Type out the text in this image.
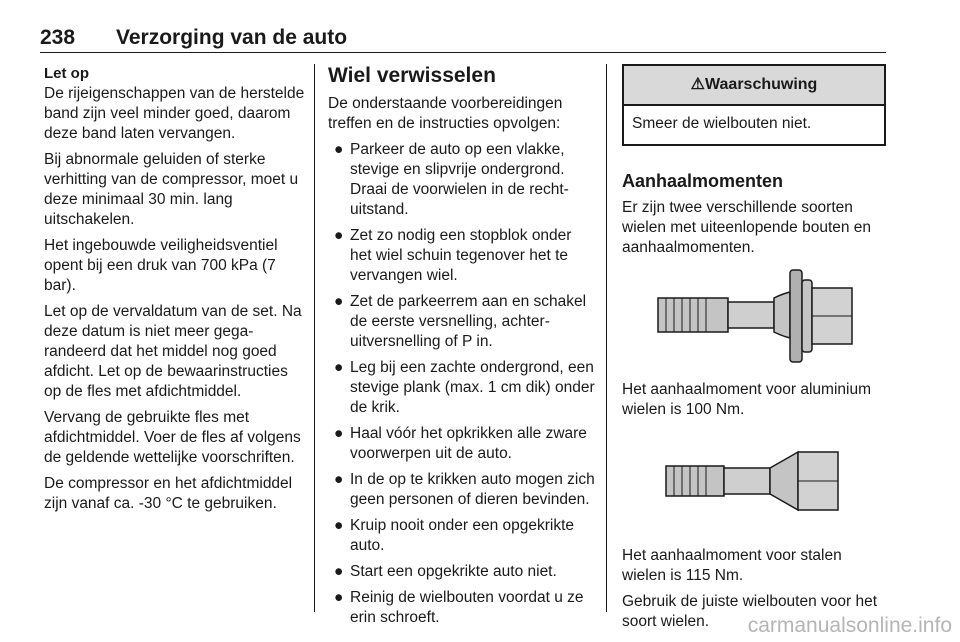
238 Verzorging van de auto
Let op

De rijeigenschappen van de herstelde band zijn veel minder goed, daarom deze band laten vervangen.

Bij abnormale geluiden of sterke verhitting van de compressor, moet u deze minimaal 30 min. lang uitschakelen.

Het ingebouwde veiligheidsventiel opent bij een druk van 700 kPa (7 bar).

Let op de vervaldatum van de set. Na deze datum is niet meer gegarandeerd dat het middel nog goed afdicht. Let op de bewaarinstructies op de fles met afdichtmiddel.

Vervang de gebruikte fles met afdichtmiddel. Voer de fles af volgens de geldende wettelijke voorschriften.

De compressor en het afdichtmiddel zijn vanaf ca. -30 °C te gebruiken.

Wiel verwisselen

De onderstaande voorbereidingen treffen en de instructies opvolgen:

● Parkeer de auto op een vlakke, stevige en slipvrije ondergrond. Draai de voorwielen in de rechtuitstand.
● Zet zo nodig een stopblok onder het wiel schuin tegenover het te vervangen wiel.
● Zet de parkeerrem aan en schakel de eerste versnelling, achteruitversnelling of P in.
● Leg bij een zachte ondergrond, een stevige plank (max. 1 cm dik) onder de krik.
● Haal vóór het opkrikken alle zware voorwerpen uit de auto.
● In de op te krikken auto mogen zich geen personen of dieren bevinden.
● Kruip nooit onder een opgekrikte auto.
● Start een opgekrikte auto niet.
● Reinig de wielbouten voordat u ze erin schroeft.
⚠ Waarschuwing
Smeer de wielbouten niet.
Aanhaalmomenten

Er zijn twee verschillende soorten wielen met uiteenlopende bouten en aanhaalmomenten.

Het aanhaalmoment voor aluminium wielen is 100 Nm.

Het aanhaalmoment voor stalen wielen is 115 Nm.

Gebruik de juiste wielbouten voor het soort wielen.	carmanualsonline.info
